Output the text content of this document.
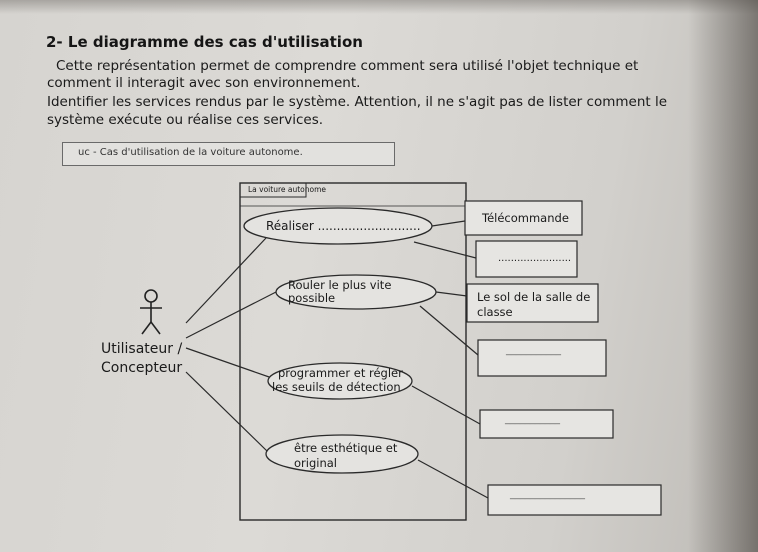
2- Le diagramme des cas d'utilisation
Cette représentation permet de comprendre comment sera utilisé l'objet technique et
comment il interagit avec son environnement.
Identifier les services rendus par le système. Attention, il ne s'agit pas de lister comment le
système exécute ou réalise ces services.
uc - Cas d'utilisation de la voiture autonome.
La voiture autonome
Utilisateur /
Concepteur
Réaliser ...........................
Rouler le plus vite
possible
programmer et régler
les seuils de détection
être esthétique et
original
Télécommande
.......................
Le sol de la salle de
classe
___________
___________
_______________
